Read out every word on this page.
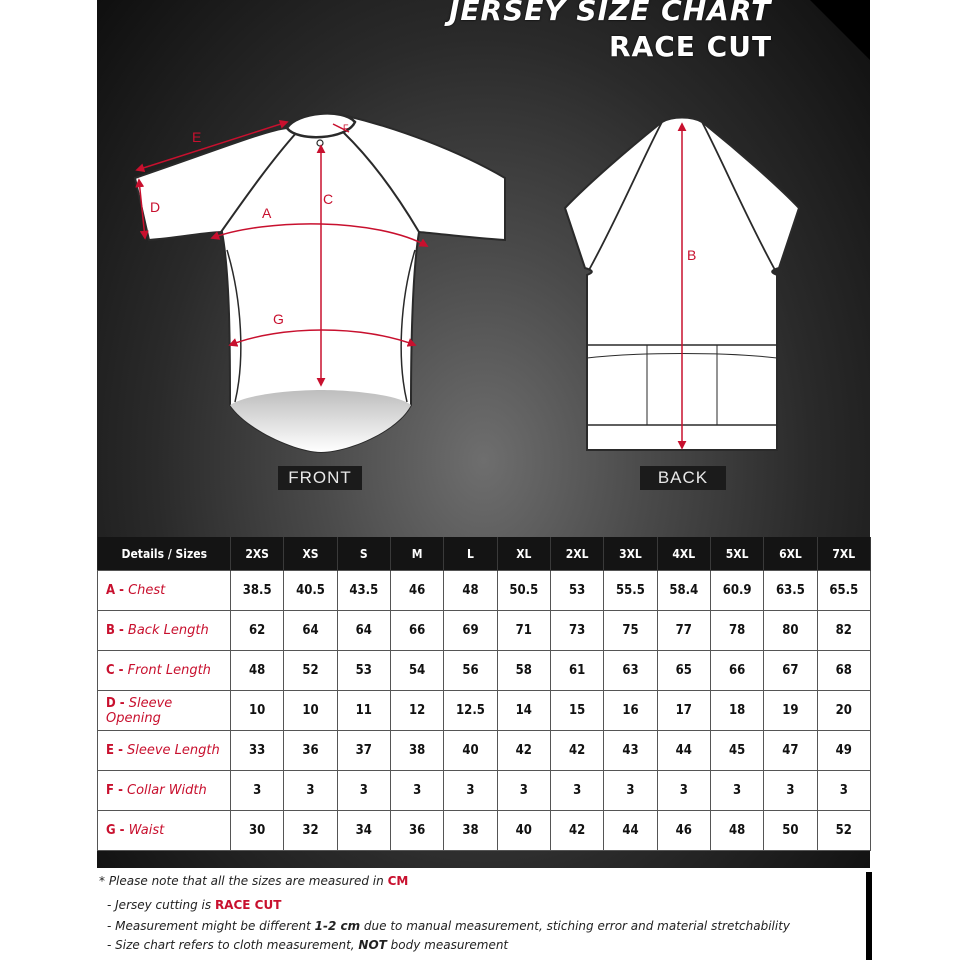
JERSEY SIZE CHART
RACE CUT
E
D	A
C
G
F
B
FRONT	BACK
Details / Sizes	2XS	XS	S	M	L	XL	2XL	3XL	4XL	5XL	6XL	7XL
A - Chest	38.5	40.5	43.5	46	48	50.5	53	55.5	58.4	60.9	63.5	65.5
B - Back Length	62	64	64	66	69	71	73	75	77	78	80	82
C - Front Length	48	52	53	54	56	58	61	63	65	66	67	68
D - Sleeve Opening	10	10	11	12	12.5	14	15	16	17	18	19	20
E - Sleeve Length	33	36	37	38	40	42	42	43	44	45	47	49
F - Collar Width	3	3	3	3	3	3	3	3	3	3	3	3
G - Waist	30	32	34	36	38	40	42	44	46	48	50	52
* Please note that all the sizes are measured in CM
- Jersey cutting is RACE CUT
- Measurement might be different 1-2 cm due to manual measurement, stiching error and material stretchability
- Size chart refers to cloth measurement, NOT body measurement
